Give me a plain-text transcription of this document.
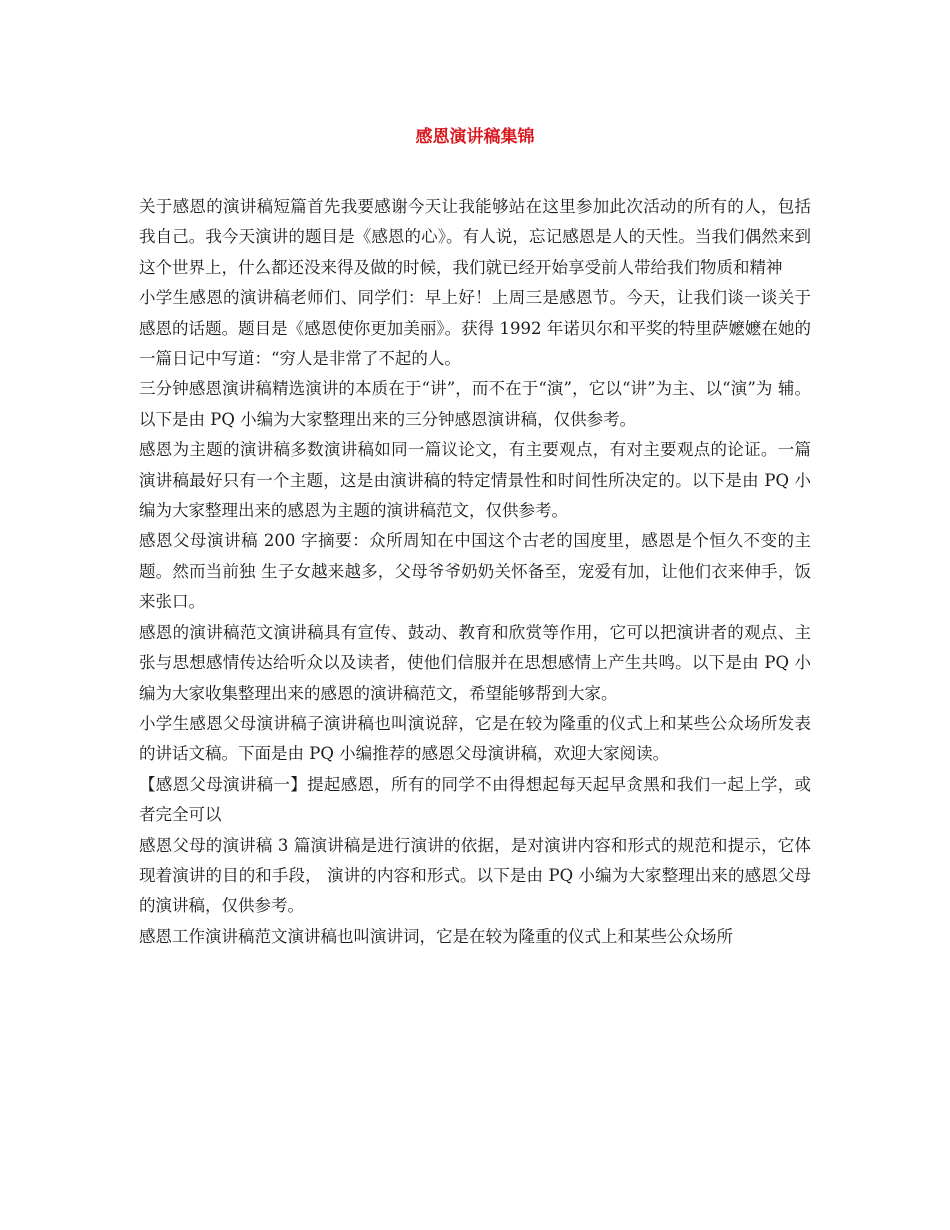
感恩演讲稿集锦

关于感恩的演讲稿短篇首先我要感谢今天让我能够站在这里参加此次活动的所有的人，包括我自己。我今天演讲的题目是《感恩的心》。有人说，忘记感恩是人的天性。当我们偶然来到这个世界上，什么都还没来得及做的时候，我们就已经开始享受前人带给我们物质和精神

小学生感恩的演讲稿老师们、同学们：早上好！上周三是感恩节。今天，让我们谈一谈关于感恩的话题。题目是《感恩使你更加美丽》。获得 1992 年诺贝尔和平奖的特里萨嬷嬷在她的一篇日记中写道：“穷人是非常了不起的人。

三分钟感恩演讲稿精选演讲的本质在于“讲”，而不在于“演”，它以“讲”为主、以“演”为 辅。以下是由 PQ 小编为大家整理出来的三分钟感恩演讲稿，仅供参考。

感恩为主题的演讲稿多数演讲稿如同一篇议论文，有主要观点，有对主要观点的论证。一篇演讲稿最好只有一个主题，这是由演讲稿的特定情景性和时间性所决定的。以下是由 PQ 小编为大家整理出来的感恩为主题的演讲稿范文，仅供参考。

感恩父母演讲稿 200 字摘要：众所周知在中国这个古老的国度里，感恩是个恒久不变的主题。然而当前独 生子女越来越多，父母爷爷奶奶关怀备至，宠爱有加，让他们衣来伸手，饭来张口。

感恩的演讲稿范文演讲稿具有宣传、鼓动、教育和欣赏等作用，它可以把演讲者的观点、主张与思想感情传达给听众以及读者，使他们信服并在思想感情上产生共鸣。以下是由 PQ 小编为大家收集整理出来的感恩的演讲稿范文，希望能够帮到大家。

小学生感恩父母演讲稿子演讲稿也叫演说辞，它是在较为隆重的仪式上和某些公众场所发表的讲话文稿。下面是由 PQ 小编推荐的感恩父母演讲稿，欢迎大家阅读。

【感恩父母演讲稿一】提起感恩，所有的同学不由得想起每天起早贪黑和我们一起上学，或者完全可以

感恩父母的演讲稿 3 篇演讲稿是进行演讲的依据，是对演讲内容和形式的规范和提示，它体现着演讲的目的和手段， 演讲的内容和形式。以下是由 PQ 小编为大家整理出来的感恩父母的演讲稿，仅供参考。

感恩工作演讲稿范文演讲稿也叫演讲词，它是在较为隆重的仪式上和某些公众场所
